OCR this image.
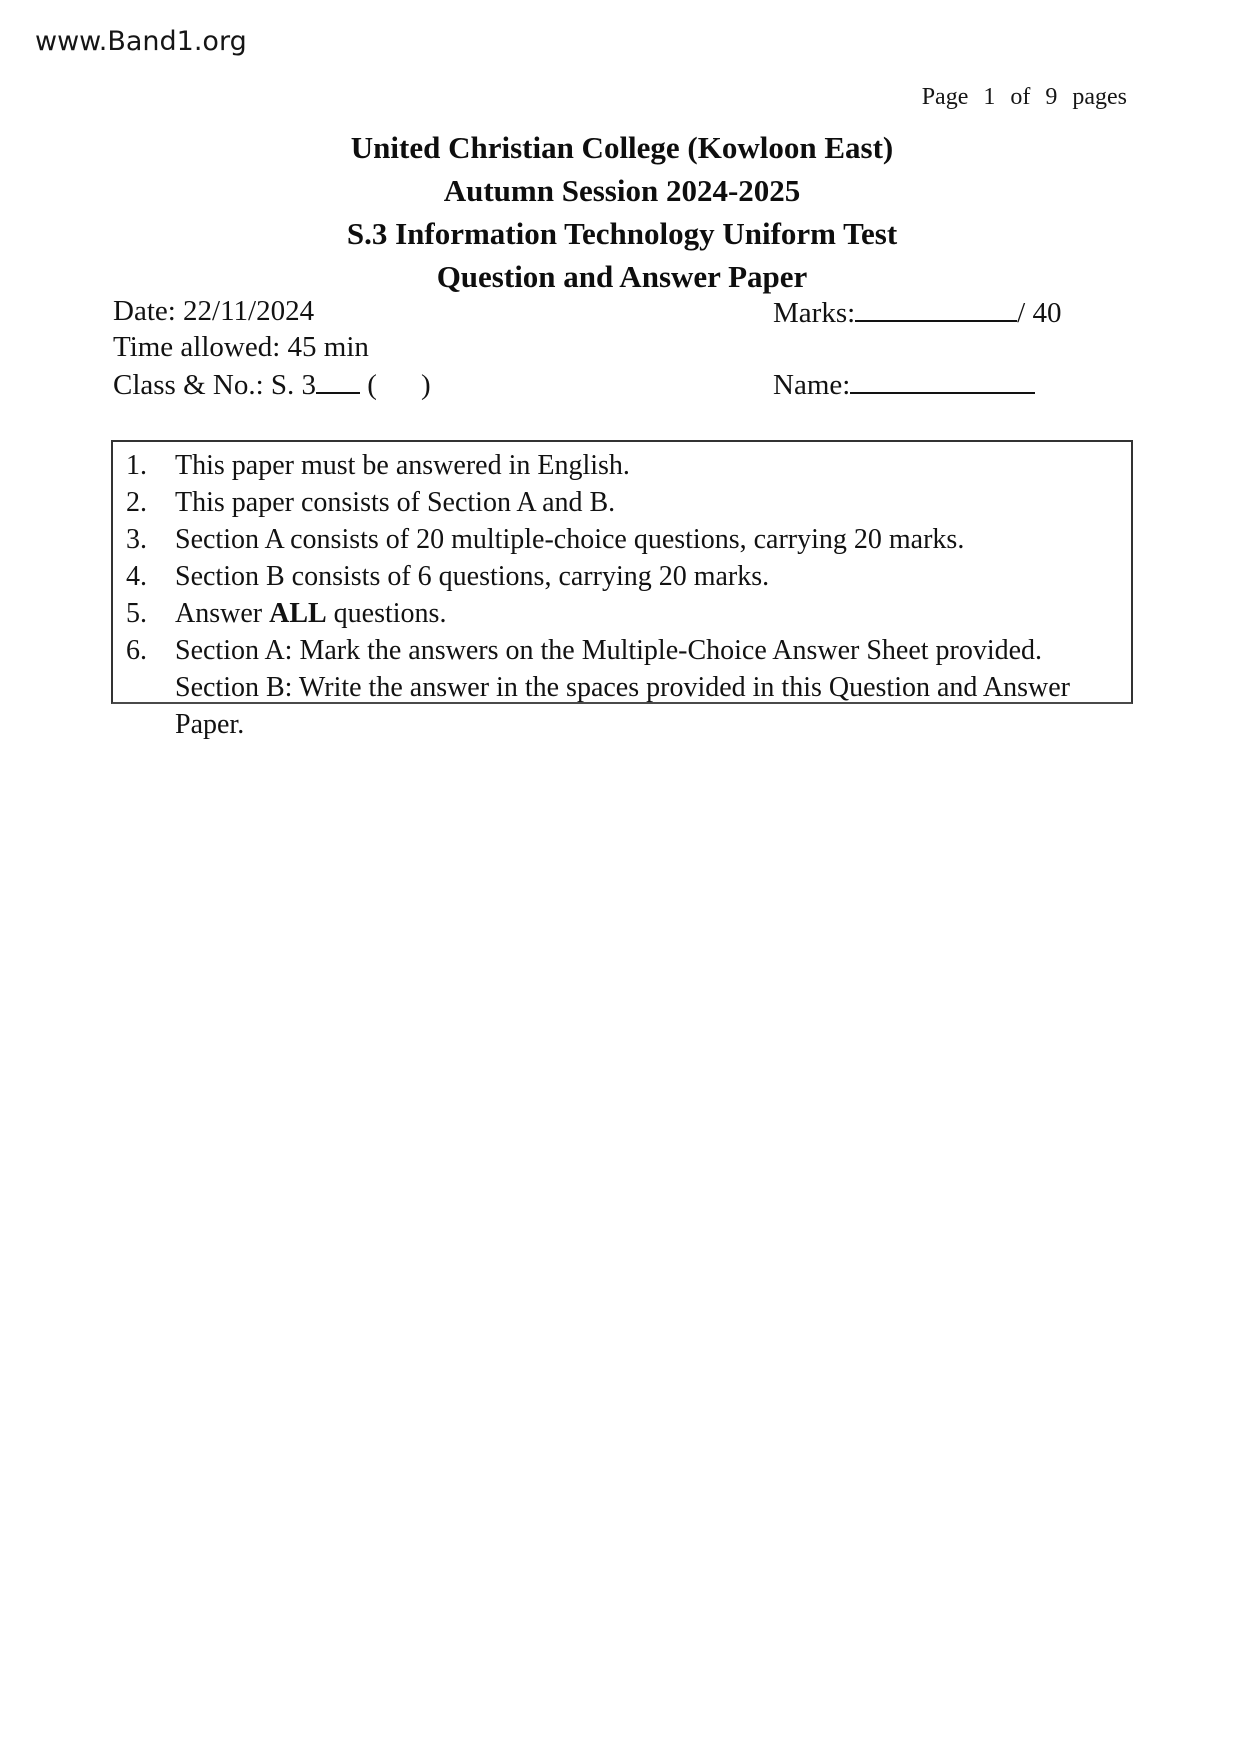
www.Band1.org
Page 1 of 9 pages
United Christian College (Kowloon East)
Autumn Session 2024-2025
S.3 Information Technology Uniform Test
Question and Answer Paper
Date: 22/11/2024	Marks:	/ 40
Time allowed: 45 min
Class & No.: S. 3 ( )	Name:
1.	This paper must be answered in English.
2.	This paper consists of Section A and B.
3.	Section A consists of 20 multiple-choice questions, carrying 20 marks.
4.	Section B consists of 6 questions, carrying 20 marks.
5.	Answer ALL questions.
6.	Section A: Mark the answers on the Multiple-Choice Answer Sheet provided.
Section B: Write the answer in the spaces provided in this Question and Answer Paper.
